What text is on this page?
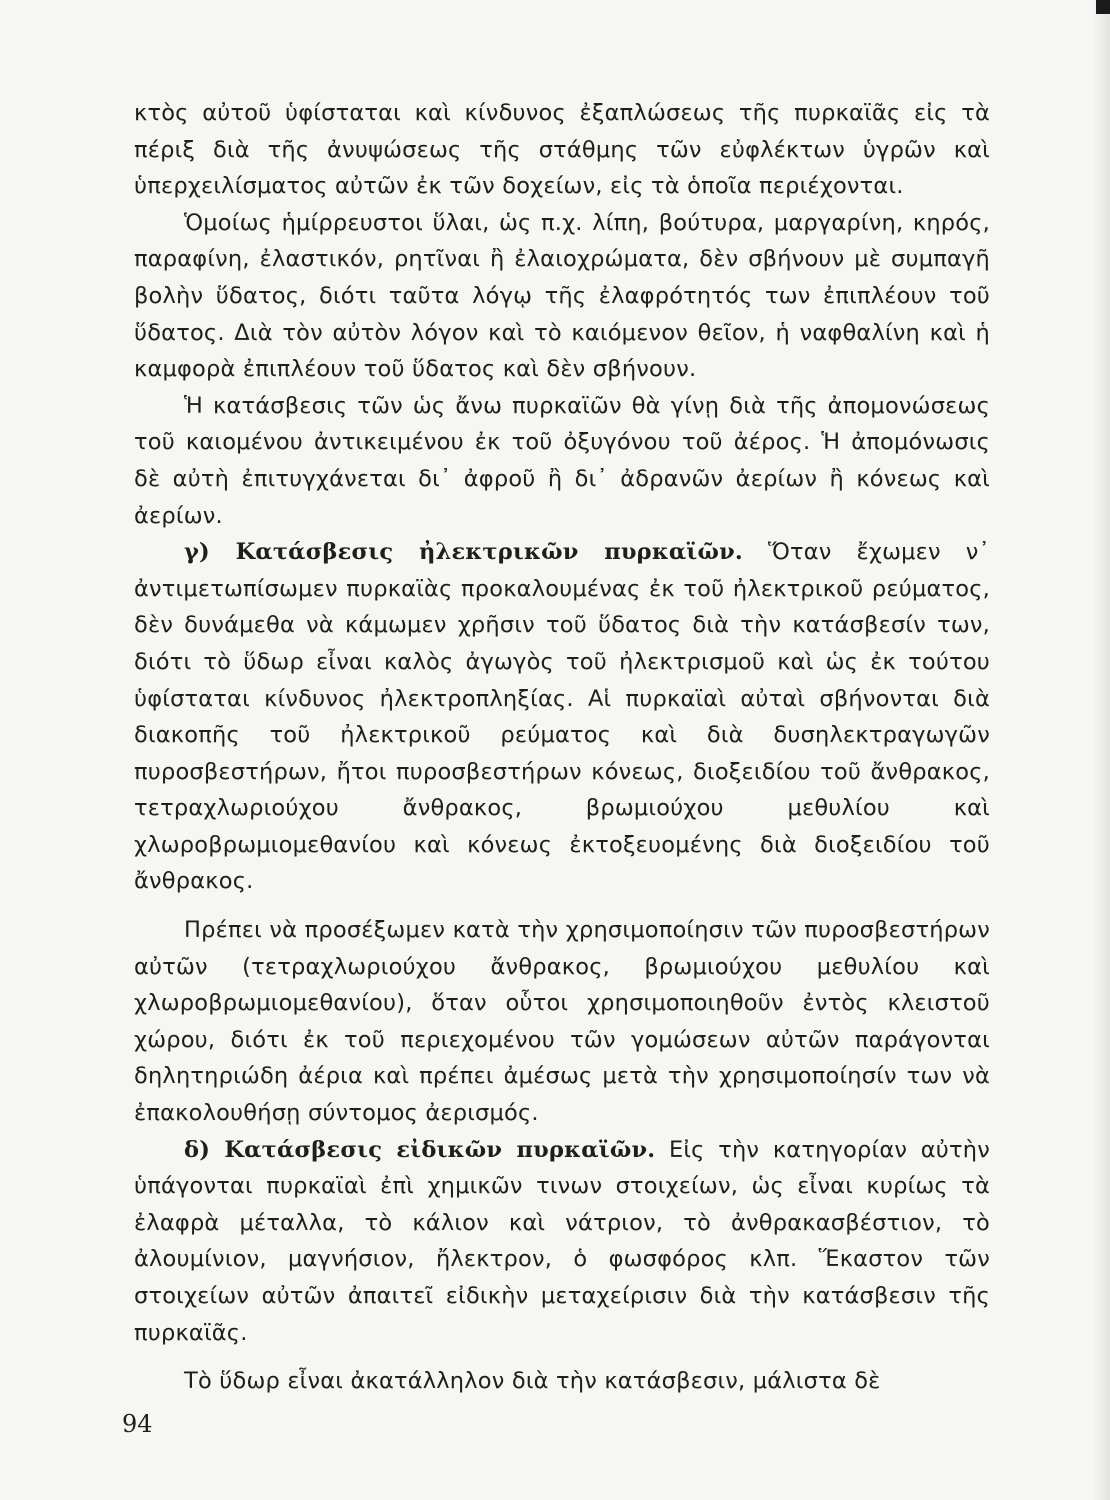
κτὸς αὐτοῦ ὑφίσταται καὶ κίνδυνος ἐξαπλώσεως τῆς πυρκαϊᾶς εἰς τὰ πέριξ διὰ τῆς ἀνυψώσεως τῆς στάθμης τῶν εὐφλέκτων ὑγρῶν καὶ ὑπερχειλίσματος αὐτῶν ἐκ τῶν δοχείων, εἰς τὰ ὁποῖα περιέχονται.

Ὁμοίως ἡμίρρευστοι ὕλαι, ὡς π.χ. λίπη, βούτυρα, μαργαρίνη, κηρός, παραφίνη, ἐλαστικόν, ρητῖναι ἢ ἐλαιοχρώματα, δὲν σβήνουν μὲ συμπαγῆ βολὴν ὕδατος, διότι ταῦτα λόγῳ τῆς ἐλαφρότητός των ἐπιπλέουν τοῦ ὕδατος. Διὰ τὸν αὐτὸν λόγον καὶ τὸ καιόμενον θεῖον, ἡ ναφθαλίνη καὶ ἡ καμφορὰ ἐπιπλέουν τοῦ ὕδατος καὶ δὲν σβήνουν.

Ἡ κατάσβεσις τῶν ὡς ἄνω πυρκαϊῶν θὰ γίνῃ διὰ τῆς ἀπομονώσεως τοῦ καιομένου ἀντικειμένου ἐκ τοῦ ὀξυγόνου τοῦ ἀέρος. Ἡ ἀπομόνωσις δὲ αὐτὴ ἐπιτυγχάνεται δι᾽ ἀφροῦ ἢ δι᾽ ἀδρανῶν ἀερίων ἢ κόνεως καὶ ἀερίων.

γ) Κατάσβεσις ἠλεκτρικῶν πυρκαϊῶν. Ὅταν ἔχωμεν ν᾽ ἀντιμετωπίσωμεν πυρκαϊὰς προκαλουμένας ἐκ τοῦ ἠλεκτρικοῦ ρεύματος, δὲν δυνάμεθα νὰ κάμωμεν χρῆσιν τοῦ ὕδατος διὰ τὴν κατάσβεσίν των, διότι τὸ ὕδωρ εἶναι καλὸς ἀγωγὸς τοῦ ἠλεκτρισμοῦ καὶ ὡς ἐκ τούτου ὑφίσταται κίνδυνος ἠλεκτροπληξίας. Αἱ πυρκαϊαὶ αὐταὶ σβήνονται διὰ διακοπῆς τοῦ ἠλεκτρικοῦ ρεύματος καὶ διὰ δυσηλεκτραγωγῶν πυροσβεστήρων, ἤτοι πυροσβεστήρων κόνεως, διοξειδίου τοῦ ἄνθρακος, τετραχλωριούχου ἄνθρακος, βρωμιούχου μεθυλίου καὶ χλωροβρωμιομεθανίου καὶ κόνεως ἐκτοξευομένης διὰ διοξειδίου τοῦ ἄνθρακος.

Πρέπει νὰ προσέξωμεν κατὰ τὴν χρησιμοποίησιν τῶν πυροσβεστήρων αὐτῶν (τετραχλωριούχου ἄνθρακος, βρωμιούχου μεθυλίου καὶ χλωροβρωμιομεθανίου), ὅταν οὗτοι χρησιμοποιηθοῦν ἐντὸς κλειστοῦ χώρου, διότι ἐκ τοῦ περιεχομένου τῶν γομώσεων αὐτῶν παράγονται δηλητηριώδη ἀέρια καὶ πρέπει ἀμέσως μετὰ τὴν χρησιμοποίησίν των νὰ ἐπακολουθήσῃ σύντομος ἀερισμός.

δ) Κατάσβεσις εἰδικῶν πυρκαϊῶν. Εἰς τὴν κατηγορίαν αὐτὴν ὑπάγονται πυρκαϊαὶ ἐπὶ χημικῶν τινων στοιχείων, ὡς εἶναι κυρίως τὰ ἐλαφρὰ μέταλλα, τὸ κάλιον καὶ νάτριον, τὸ ἀνθρακασβέστιον, τὸ ἀλουμίνιον, μαγνήσιον, ἤλεκτρον, ὁ φωσφόρος κλπ. Ἕκαστον τῶν στοιχείων αὐτῶν ἀπαιτεῖ εἰδικὴν μεταχείρισιν διὰ τὴν κατάσβεσιν τῆς πυρκαϊᾶς.

Τὸ ὕδωρ εἶναι ἀκατάλληλον διὰ τὴν κατάσβεσιν, μάλιστα δὲ

94
